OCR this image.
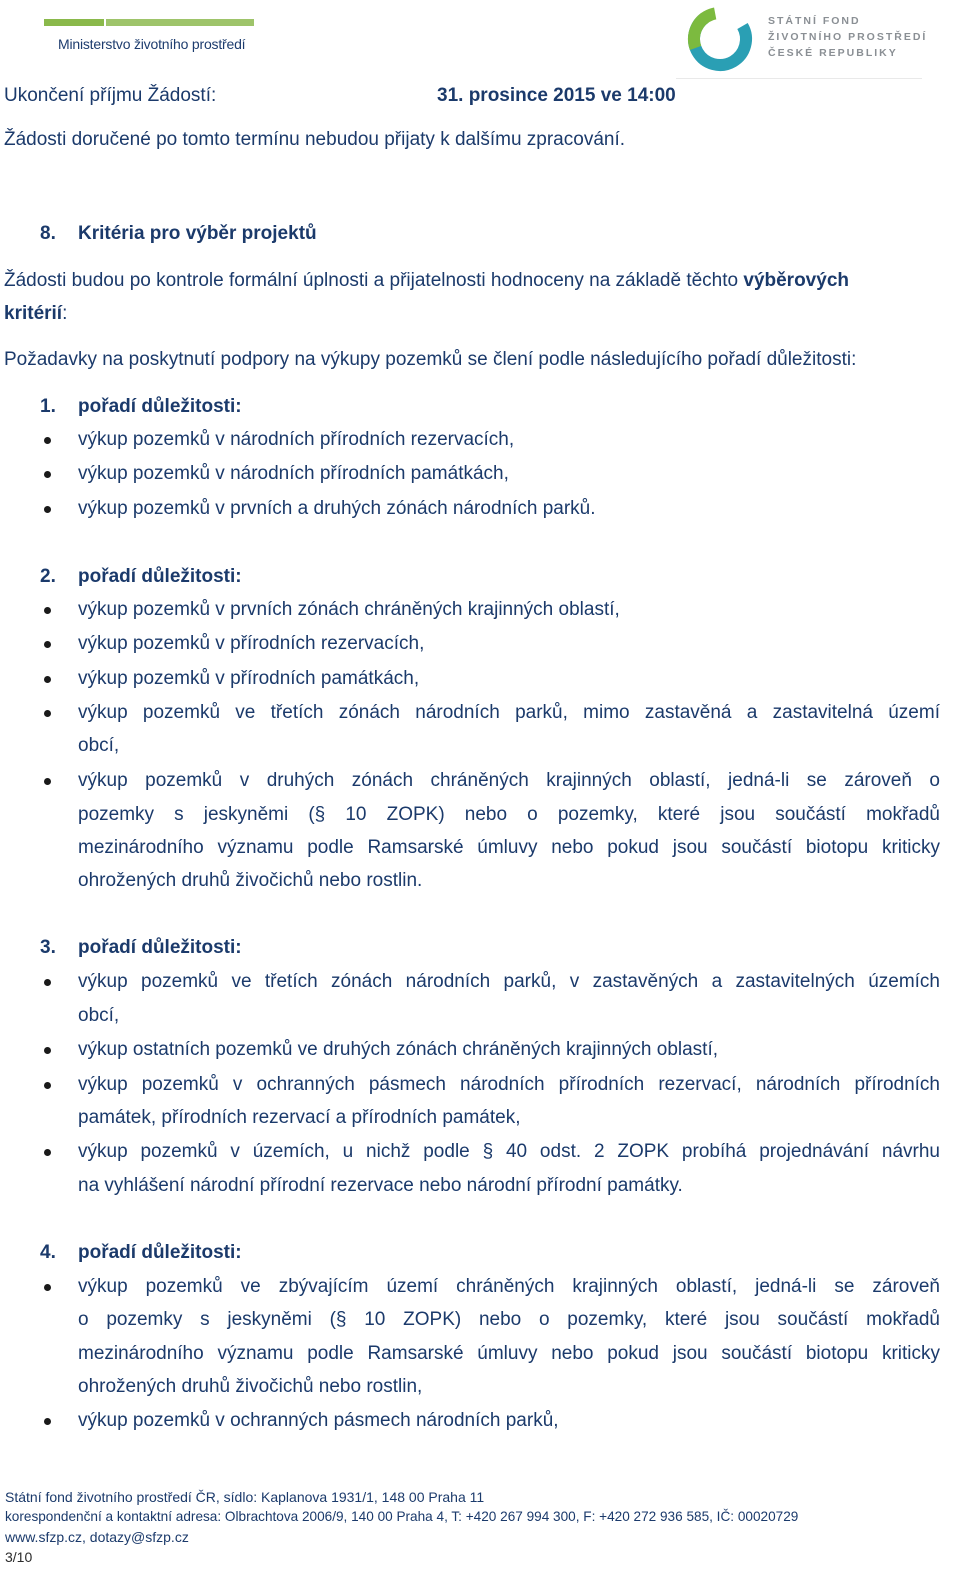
Ministerstvo životního prostředí
STÁTNÍ FOND
ŽIVOTNÍHO PROSTŘEDÍ
ČESKÉ REPUBLIKY
Ukončení příjmu Žádostí:	31. prosince 2015 ve 14:00
Žádosti doručené po tomto termínu nebudou přijaty k dalšímu zpracování.
8. Kritéria pro výběr projektů
Žádosti budou po kontrole formální úplnosti a přijatelnosti hodnoceny na základě těchto výběrových
kritérií:
Požadavky na poskytnutí podpory na výkupy pozemků se člení podle následujícího pořadí důležitosti:
1. pořadí důležitosti:
výkup pozemků v národních přírodních rezervacích,
výkup pozemků v národních přírodních památkách,
výkup pozemků v prvních a druhých zónách národních parků.
2. pořadí důležitosti:
výkup pozemků v prvních zónách chráněných krajinných oblastí,
výkup pozemků v přírodních rezervacích,
výkup pozemků v přírodních památkách,
výkup pozemků ve třetích zónách národních parků, mimo zastavěná a zastavitelná území
obcí,
výkup pozemků v druhých zónách chráněných krajinných oblastí, jedná-li se zároveň o
pozemky s jeskyněmi (§ 10 ZOPK) nebo o pozemky, které jsou součástí mokřadů
mezinárodního významu podle Ramsarské úmluvy nebo pokud jsou součástí biotopu kriticky
ohrožených druhů živočichů nebo rostlin.
3. pořadí důležitosti:
výkup pozemků ve třetích zónách národních parků, v zastavěných a zastavitelných územích
obcí,
výkup ostatních pozemků ve druhých zónách chráněných krajinných oblastí,
výkup pozemků v ochranných pásmech národních přírodních rezervací, národních přírodních
památek, přírodních rezervací a přírodních památek,
výkup pozemků v územích, u nichž podle § 40 odst. 2 ZOPK probíhá projednávání návrhu
na vyhlášení národní přírodní rezervace nebo národní přírodní památky.
4. pořadí důležitosti:
výkup pozemků ve zbývajícím území chráněných krajinných oblastí, jedná-li se zároveň
o pozemky s jeskyněmi (§ 10 ZOPK) nebo o pozemky, které jsou součástí mokřadů
mezinárodního významu podle Ramsarské úmluvy nebo pokud jsou součástí biotopu kriticky
ohrožených druhů živočichů nebo rostlin,
výkup pozemků v ochranných pásmech národních parků,
Státní fond životního prostředí ČR, sídlo: Kaplanova 1931/1, 148 00 Praha 11
korespondenční a kontaktní adresa: Olbrachtova 2006/9, 140 00 Praha 4, T: +420 267 994 300, F: +420 272 936 585, IČ: 00020729
www.sfzp.cz, dotazy@sfzp.cz
3/10
